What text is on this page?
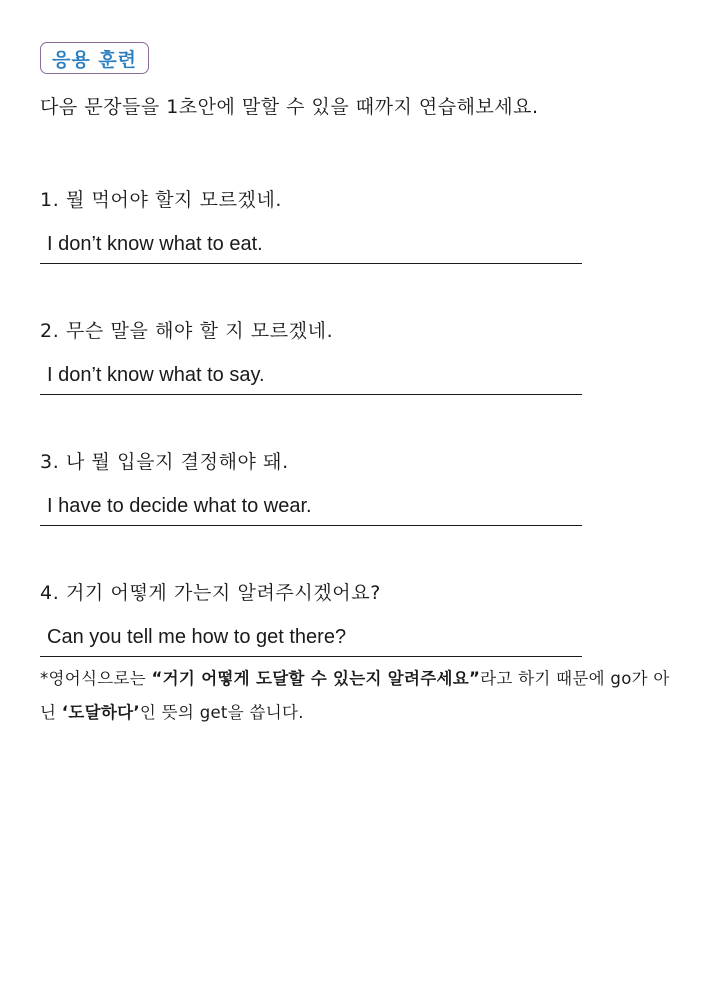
응용 훈련
다음 문장들을 1초안에 말할 수 있을 때까지 연습해보세요.
1. 뭘 먹어야 할지 모르겠네.
I don’t know what to eat.
2. 무슨 말을 해야 할 지 모르겠네.
I don’t know what to say.
3. 나 뭘 입을지 결정해야 돼.
I have to decide what to wear.
4. 거기 어떻게 가는지 알려주시겠어요?
Can you tell me how to get there?
*영어식으로는 “거기 어떻게 도달할 수 있는지 알려주세요”라고 하기 때문에 go가 아닌 ‘도달하다’인 뜻의 get을 씁니다.
